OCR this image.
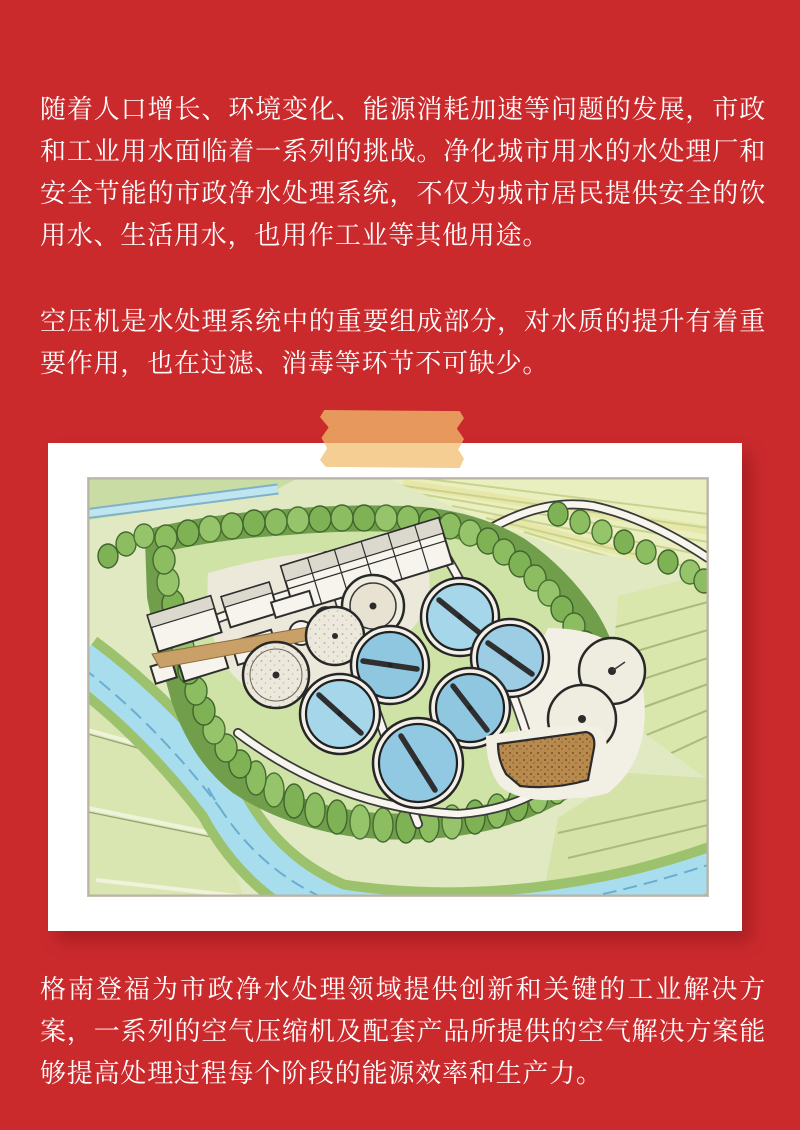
随着人口增长、环境变化、能源消耗加速等问题的发展，市政和工业用水面临着一系列的挑战。净化城市用水的水处理厂和安全节能的市政净水处理系统，不仅为城市居民提供安全的饮用水、生活用水，也用作工业等其他用途。

空压机是水处理系统中的重要组成部分，对水质的提升有着重要作用，也在过滤、消毒等环节不可缺少。

格南登福为市政净水处理领域提供创新和关键的工业解决方案，一系列的空气压缩机及配套产品所提供的空气解决方案能够提高处理过程每个阶段的能源效率和生产力。
